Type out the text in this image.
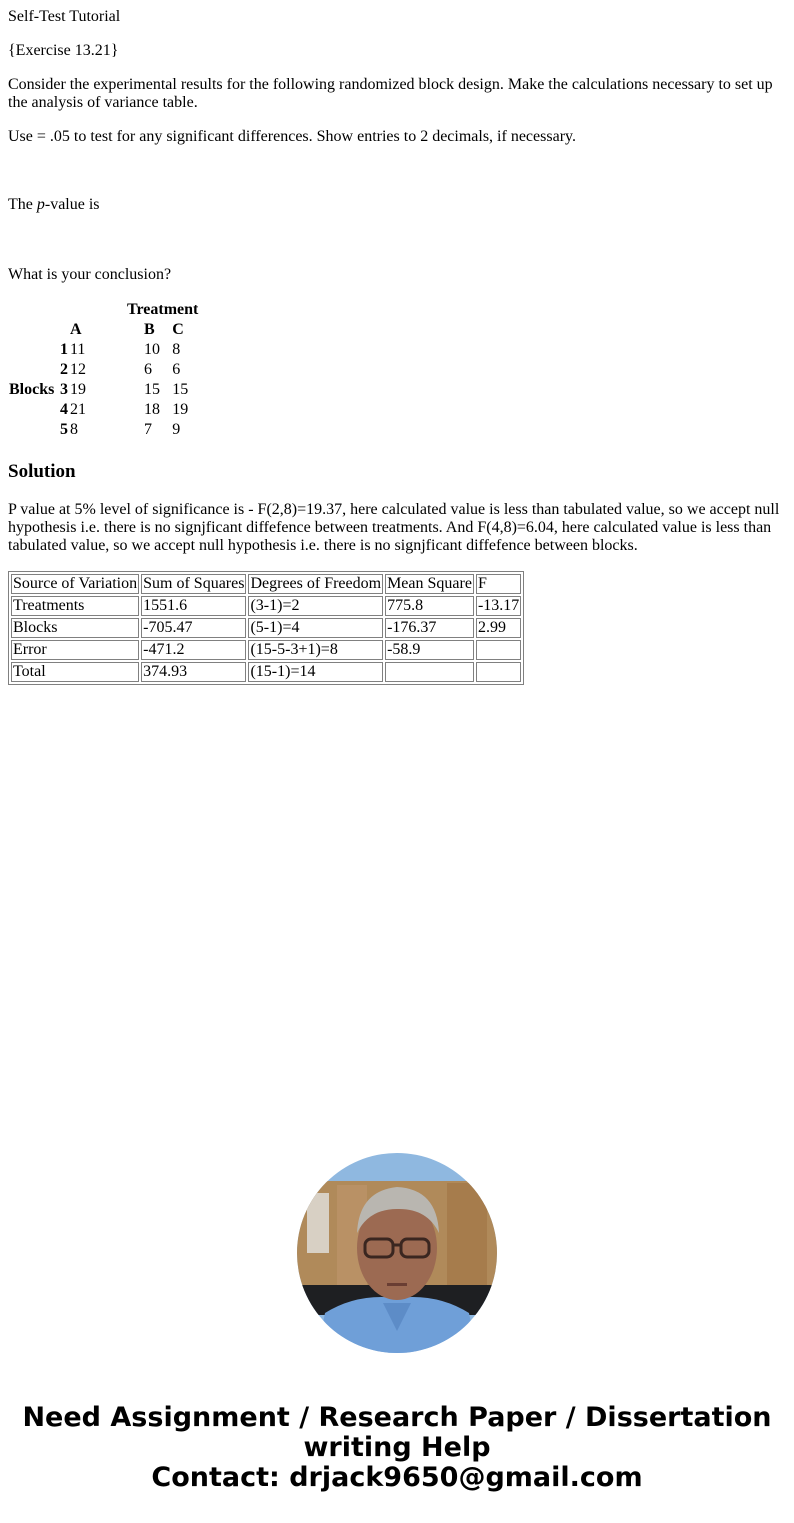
Self-Test Tutorial

{Exercise 13.21}

Consider the experimental results for the following randomized block design. Make the calculations necessary to set up the analysis of variance table.

Use = .05 to test for any significant differences. Show entries to 2 decimals, if necessary.

The p-value is

What is your conclusion?

		Treatment		
		A	B	C
	1	11	10	8
	2	12	6	6
Blocks	3	19	15	15
	4	21	18	19
	5	8	7	9
Solution

P value at 5% level of significance is - F(2,8)=19.37, here calculated value is less than tabulated value, so we accept null hypothesis i.e. there is no signjficant diffefence between treatments. And F(4,8)=6.04, here calculated value is less than tabulated value, so we accept null hypothesis i.e. there is no signjficant diffefence between blocks.

Source of Variation	Sum of Squares	Degrees of Freedom	Mean Square	F
Treatments	1551.6	(3-1)=2	775.8	-13.17
Blocks	-705.47	(5-1)=4	-176.37	2.99
Error	-471.2	(15-5-3+1)=8	-58.9	
Total	374.93	(15-1)=14		
Need Assignment / Research Paper / Dissertation
writing Help
Contact: drjack9650@gmail.com
